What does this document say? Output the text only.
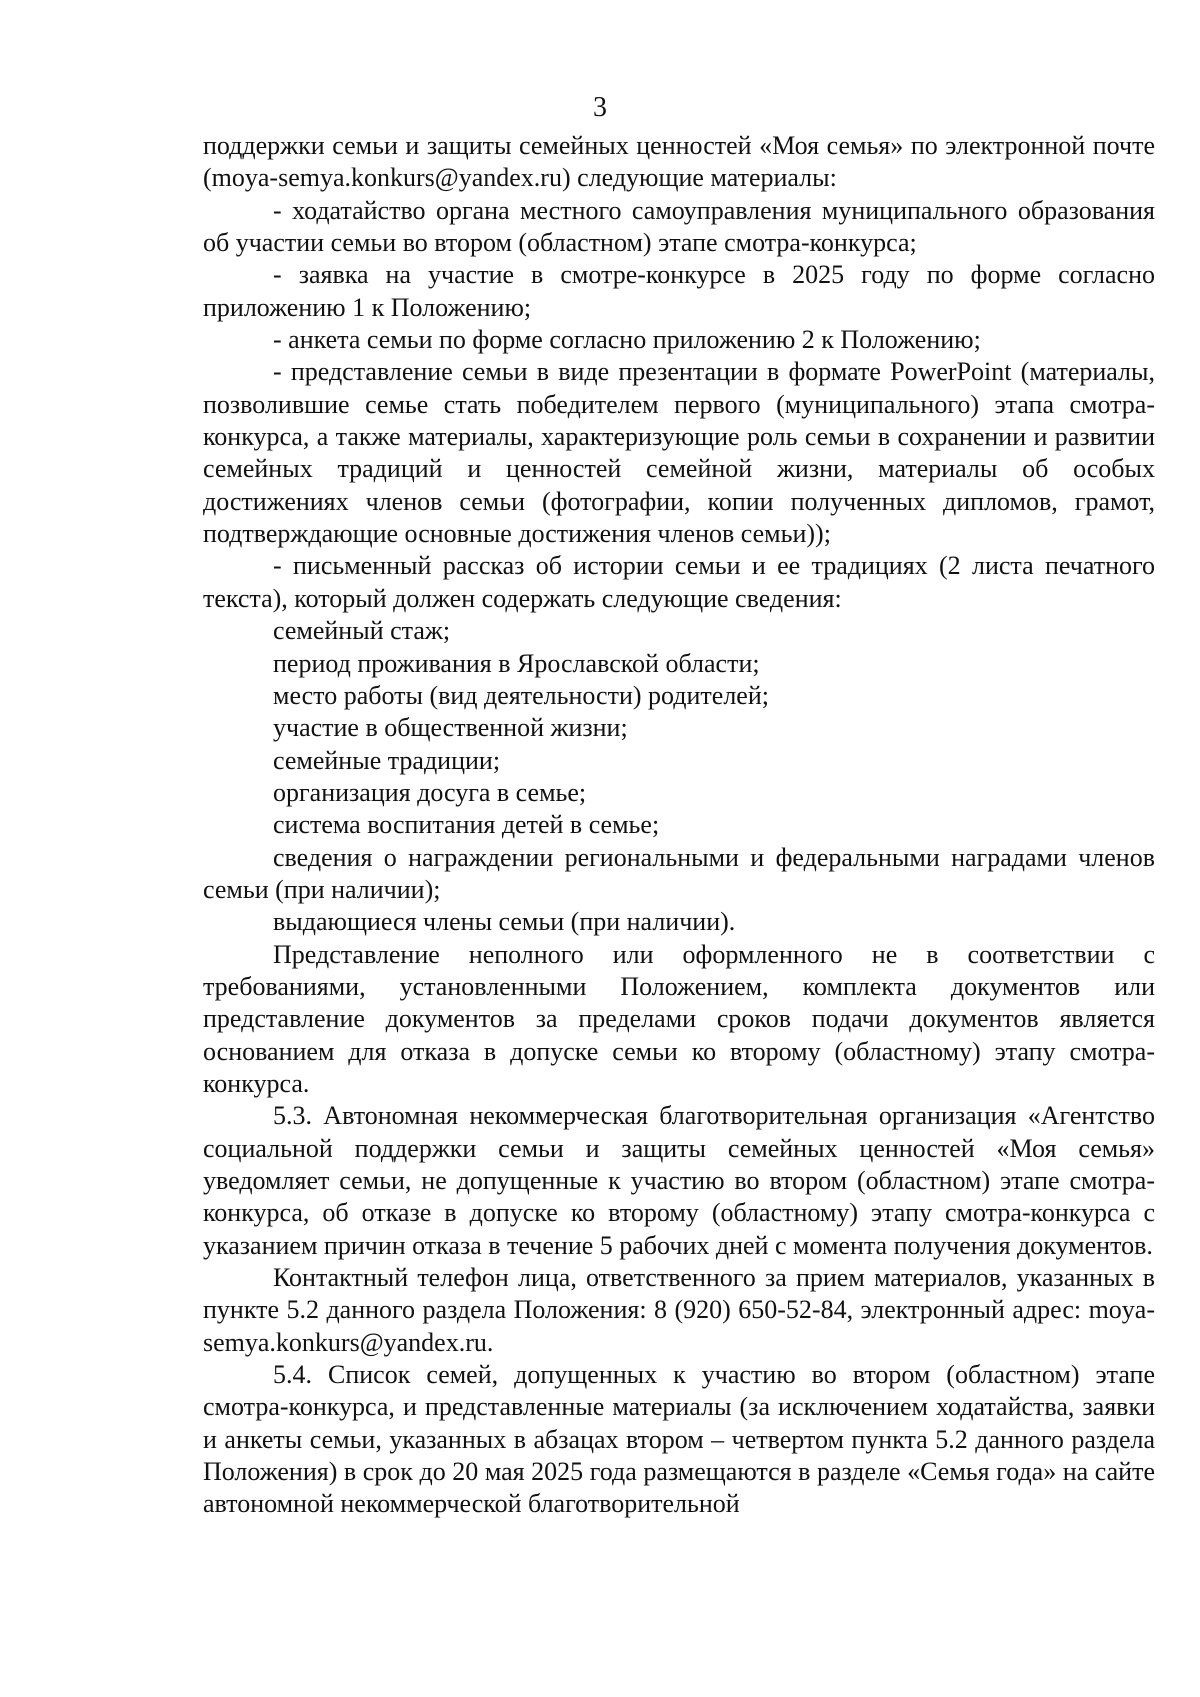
3

поддержки семьи и защиты семейных ценностей «Моя семья» по электронной почте (moya-semya.konkurs@yandex.ru) следующие материалы:

- ходатайство органа местного самоуправления муниципального образования об участии семьи во втором (областном) этапе смотра-конкурса;

- заявка на участие в смотре-конкурсе в 2025 году по форме согласно приложению 1 к Положению;

- анкета семьи по форме согласно приложению 2 к Положению;

- представление семьи в виде презентации в формате PowerPoint (материалы, позволившие семье стать победителем первого (муниципального) этапа смотра-конкурса, а также материалы, характеризующие роль семьи в сохранении и развитии семейных традиций и ценностей семейной жизни, материалы об особых достижениях членов семьи (фотографии, копии полученных дипломов, грамот, подтверждающие основные достижения членов семьи));

- письменный рассказ об истории семьи и ее традициях (2 листа печатного текста), который должен содержать следующие сведения:

семейный стаж;

период проживания в Ярославской области;

место работы (вид деятельности) родителей;

участие в общественной жизни;

семейные традиции;

организация досуга в семье;

система воспитания детей в семье;

сведения о награждении региональными и федеральными наградами членов семьи (при наличии);

выдающиеся члены семьи (при наличии).

Представление неполного или оформленного не в соответствии с требованиями, установленными Положением, комплекта документов или представление документов за пределами сроков подачи документов является основанием для отказа в допуске семьи ко второму (областному) этапу смотра-конкурса.

5.3. Автономная некоммерческая благотворительная организация «Агентство социальной поддержки семьи и защиты семейных ценностей «Моя семья» уведомляет семьи, не допущенные к участию во втором (областном) этапе смотра-конкурса, об отказе в допуске ко второму (областному) этапу смотра-конкурса с указанием причин отказа в течение 5 рабочих дней с момента получения документов.

Контактный телефон лица, ответственного за прием материалов, указанных в пункте 5.2 данного раздела Положения: 8 (920) 650-52-84, электронный адрес: moya-semya.konkurs@yandex.ru.

5.4. Список семей, допущенных к участию во втором (областном) этапе смотра-конкурса, и представленные материалы (за исключением ходатайства, заявки и анкеты семьи, указанных в абзацах втором – четвертом пункта 5.2 данного раздела Положения) в срок до 20 мая 2025 года размещаются в разделе «Семья года» на сайте автономной некоммерческой благотворительной
